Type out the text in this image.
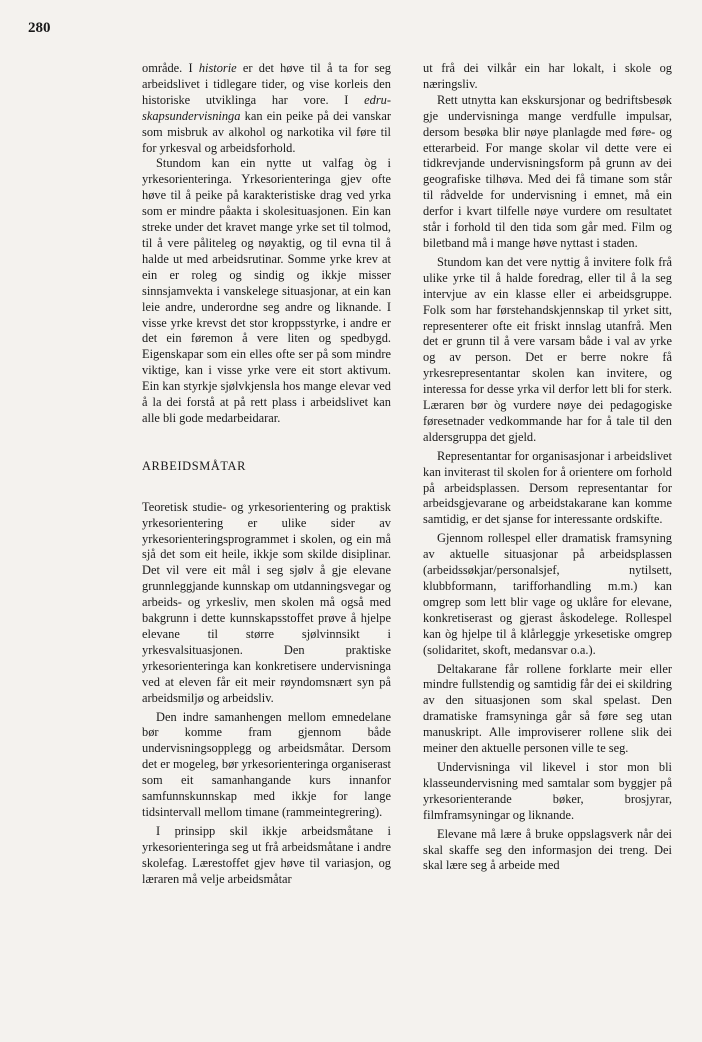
280

område. I historie er det høve til å ta for seg arbeidslivet i tidlegare tider, og vise korleis den historiske utviklinga har vore. I edru-skapsundervisninga kan ein peike på dei vanskar som misbruk av alkohol og narkotika vil føre til for yrkesval og arbeidsforhold.

Stundom kan ein nytte ut valfag òg i yrkesorienteringa. Yrkesorienteringa gjev ofte høve til å peike på karakteristiske drag ved yrka som er mindre påakta i skolesituasjonen. Ein kan streke under det kravet mange yrke set til tolmod, til å vere påliteleg og nøyaktig, og til evna til å halde ut med arbeidsrutinar. Somme yrke krev at ein er roleg og sindig og ikkje misser sinnsjamvekta i vanskelege situasjonar, at ein kan leie andre, underordne seg andre og liknande. I visse yrke krevst det stor kroppsstyrke, i andre er det ein føremon å vere liten og spedbygd. Eigenskapar som ein elles ofte ser på som mindre viktige, kan i visse yrke vere eit stort aktivum. Ein kan styrkje sjølvkjensla hos mange elevar ved å la dei forstå at på rett plass i arbeidslivet kan alle bli gode medarbeidarar.

ARBEIDSMÅTAR

Teoretisk studie- og yrkesorientering og praktisk yrkesorientering er ulike sider av yrkesorienteringsprogrammet i skolen, og ein må sjå det som eit heile, ikkje som skilde disiplinar. Det vil vere eit mål i seg sjølv å gje elevane grunnleggjande kunnskap om utdanningsvegar og arbeids- og yrkesliv, men skolen må også med bakgrunn i dette kunnskapsstoffet prøve å hjelpe elevane til større sjølvinnsikt i yrkesvalsituasjonen. Den praktiske yrkesorienteringa kan konkretisere undervisninga ved at eleven får eit meir røyndomsnært syn på arbeidsmiljø og arbeidsliv.

Den indre samanhengen mellom emnedelane bør komme fram gjennom både undervisningsopplegg og arbeidsmåtar. Dersom det er mogeleg, bør yrkesorienteringa organiserast som eit samanhangande kurs innanfor samfunnskunnskap med ikkje for lange tidsintervall mellom timane (rammeintegrering).

I prinsipp skil ikkje arbeidsmåtane i yrkesorienteringa seg ut frå arbeidsmåtane i andre skolefag. Lærestoffet gjev høve til variasjon, og læraren må velje arbeidsmåtar

ut frå dei vilkår ein har lokalt, i skole og næringsliv.

Rett utnytta kan ekskursjonar og bedriftsbesøk gje undervisninga mange verdfulle impulsar, dersom besøka blir nøye planlagde med føre- og etterarbeid. For mange skolar vil dette vere ei tidkrevjande undervisningsform på grunn av dei geografiske tilhøva. Med dei få timane som står til rådvelde for undervisning i emnet, må ein derfor i kvart tilfelle nøye vurdere om resultatet står i forhold til den tida som går med. Film og biletband må i mange høve nyttast i staden.

Stundom kan det vere nyttig å invitere folk frå ulike yrke til å halde foredrag, eller til å la seg intervjue av ein klasse eller ei arbeidsgruppe. Folk som har førstehandskjennskap til yrket sitt, representerer ofte eit friskt innslag utanfrå. Men det er grunn til å vere varsam både i val av yrke og av person. Det er berre nokre få yrkesrepresentantar skolen kan invitere, og interessa for desse yrka vil derfor lett bli for sterk. Læraren bør òg vurdere nøye dei pedagogiske føresetnader vedkommande har for å tale til den aldersgruppa det gjeld.

Representantar for organisasjonar i arbeidslivet kan inviterast til skolen for å orientere om forhold på arbeidsplassen. Dersom representantar for arbeidsgjevarane og arbeidstakarane kan komme samtidig, er det sjanse for interessante ordskifte.

Gjennom rollespel eller dramatisk framsyning av aktuelle situasjonar på arbeidsplassen (arbeidssøkjar/personalsjef, nytilsett, klubbformann, tarifforhandling m.m.) kan omgrep som lett blir vage og uklåre for elevane, konkretiserast og gjerast åskodelege. Rollespel kan òg hjelpe til å klårleggje yrkesetiske omgrep (solidaritet, skoft, medansvar o.a.).

Deltakarane får rollene forklarte meir eller mindre fullstendig og samtidig får dei ei skildring av den situasjonen som skal spelast. Den dramatiske framsyninga går så føre seg utan manuskript. Alle improviserer rollene slik dei meiner den aktuelle personen ville te seg.

Undervisninga vil likevel i stor mon bli klasseundervisning med samtalar som byggjer på yrkesorienterande bøker, brosjyrar, filmframsyningar og liknande.

Elevane må lære å bruke oppslagsverk når dei skal skaffe seg den informasjon dei treng. Dei skal lære seg å arbeide med
